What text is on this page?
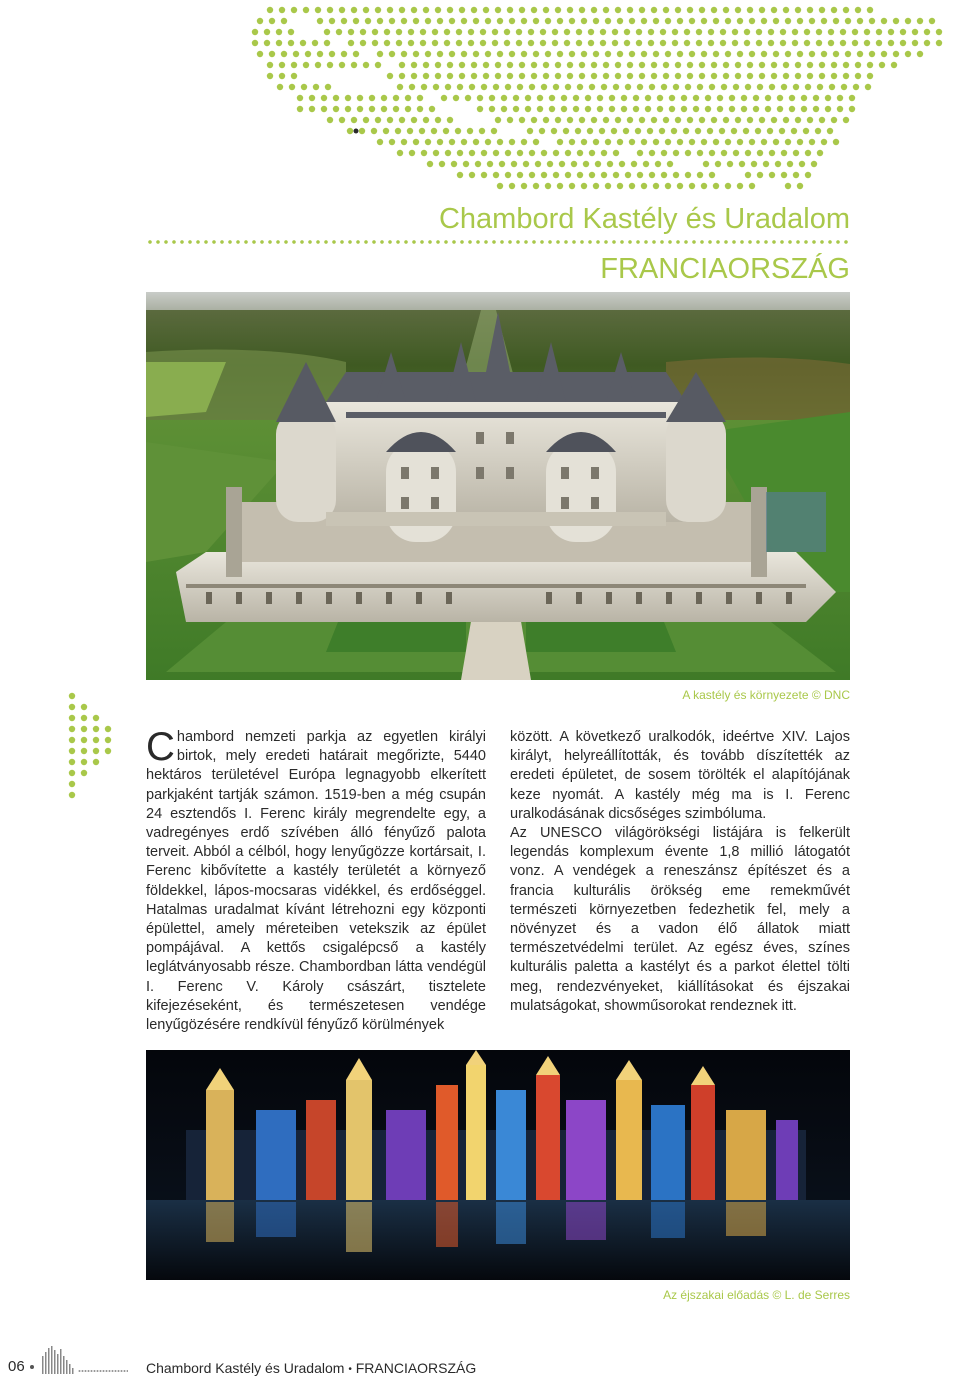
Chambord Kastély és Uradalom
FRANCIAORSZÁG
A kastély és környezete © DNC

Chambord nemzeti parkja az egyetlen királyi birtok, mely eredeti határait megőrizte, 5440 hektáros területével Európa legnagyobb elkerített parkjaként tartják számon. 1519-ben a még csupán 24 esztendős I. Ferenc király megrendelte egy, a vadregényes erdő szívében álló fényűző palota terveit. Abból a célból, hogy lenyűgözze kortársait, I. Ferenc kibővítette a kastély területét a környező földekkel, lápos-mocsaras vidékkel, és erdőséggel. Hatalmas uradalmat kívánt létrehozni egy központi épülettel, amely méreteiben vetekszik az épület pompájával. A kettős csigalépcső a kastély leglátványosabb része. Chambordban látta vendégül I. Ferenc V. Károly császárt, tisztelete kifejezéseként, és természetesen vendége lenyűgözésére rendkívül fényűző körülmények

között. A következő uralkodók, ideértve XIV. Lajos királyt, helyreállították, és tovább díszítették az eredeti épületet, de sosem törölték el alapítójának keze nyomát. A kastély még ma is I. Ferenc uralkodásának dicsőséges szimbóluma.

Az UNESCO világörökségi listájára is felkerült legendás komplexum évente 1,8 millió látogatót vonz. A vendégek a reneszánsz építészet és a francia kulturális örökség eme remekművét természeti környezetben fedezhetik fel, mely a növényzet és a vadon élő állatok miatt természetvédelmi terület. Az egész éves, színes kulturális paletta a kastélyt és a parkot élettel tölti meg, rendezvényeket, kiállításokat és éjszakai mulatságokat, showműsorokat rendeznek itt.

Az éjszakai előadás © L. de Serres
06	Chambord Kastély és Uradalom • FRANCIAORSZÁG
